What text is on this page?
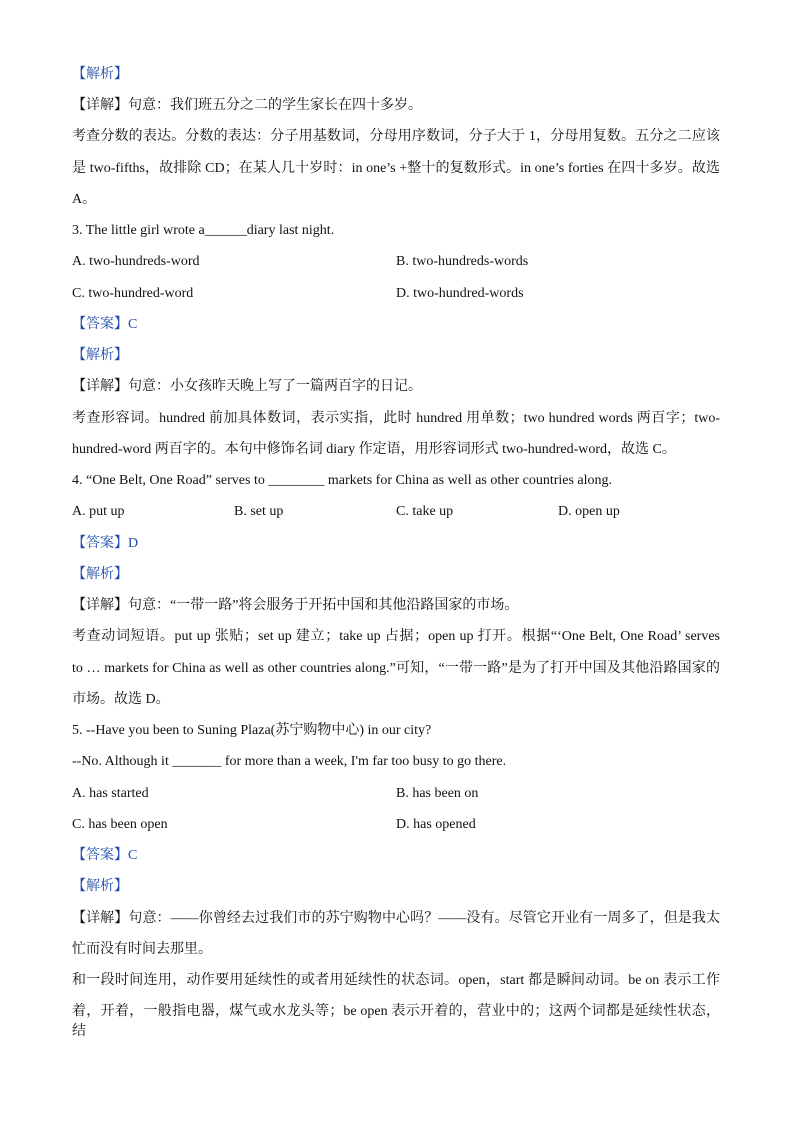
【解析】
【详解】句意：我们班五分之二的学生家长在四十多岁。
考查分数的表达。分数的表达：分子用基数词，分母用序数词，分子大于 1，分母用复数。五分之二应该
是 two-fifths，故排除 CD；在某人几十岁时：in one’s +整十的复数形式。in one’s forties 在四十多岁。故选
A。
3. The little girl wrote a______diary last night.
A. two-hundreds-word	B. two-hundreds-words
C. two-hundred-word	D. two-hundred-words
【答案】C
【解析】
【详解】句意：小女孩昨天晚上写了一篇两百字的日记。
考查形容词。hundred 前加具体数词，表示实指，此时 hundred 用单数；two hundred words 两百字；two-
hundred-word 两百字的。本句中修饰名词 diary 作定语，用形容词形式 two-hundred-word，故选 C。
4. “One Belt, One Road” serves to ________ markets for China as well as other countries along.
A. put up	B. set up	C. take up	D. open up
【答案】D
【解析】
【详解】句意：“一带一路”将会服务于开拓中国和其他沿路国家的市场。
考查动词短语。put up 张贴；set up 建立；take up 占据；open up 打开。根据“‘One Belt, One Road’ serves
to … markets for China as well as other countries along.”可知，“一带一路”是为了打开中国及其他沿路国家的
市场。故选 D。
5. --Have you been to Suning Plaza(苏宁购物中心) in our city?
--No. Although it _______ for more than a week, I'm far too busy to go there.
A. has started	B. has been on
C. has been open	D. has opened
【答案】C
【解析】
【详解】句意：——你曾经去过我们市的苏宁购物中心吗？——没有。尽管它开业有一周多了，但是我太
忙而没有时间去那里。
和一段时间连用，动作要用延续性的或者用延续性的状态词。open，start 都是瞬间动词。be on 表示工作
着，开着，一般指电器，煤气或水龙头等；be open 表示开着的，营业中的；这两个词都是延续性状态，结
